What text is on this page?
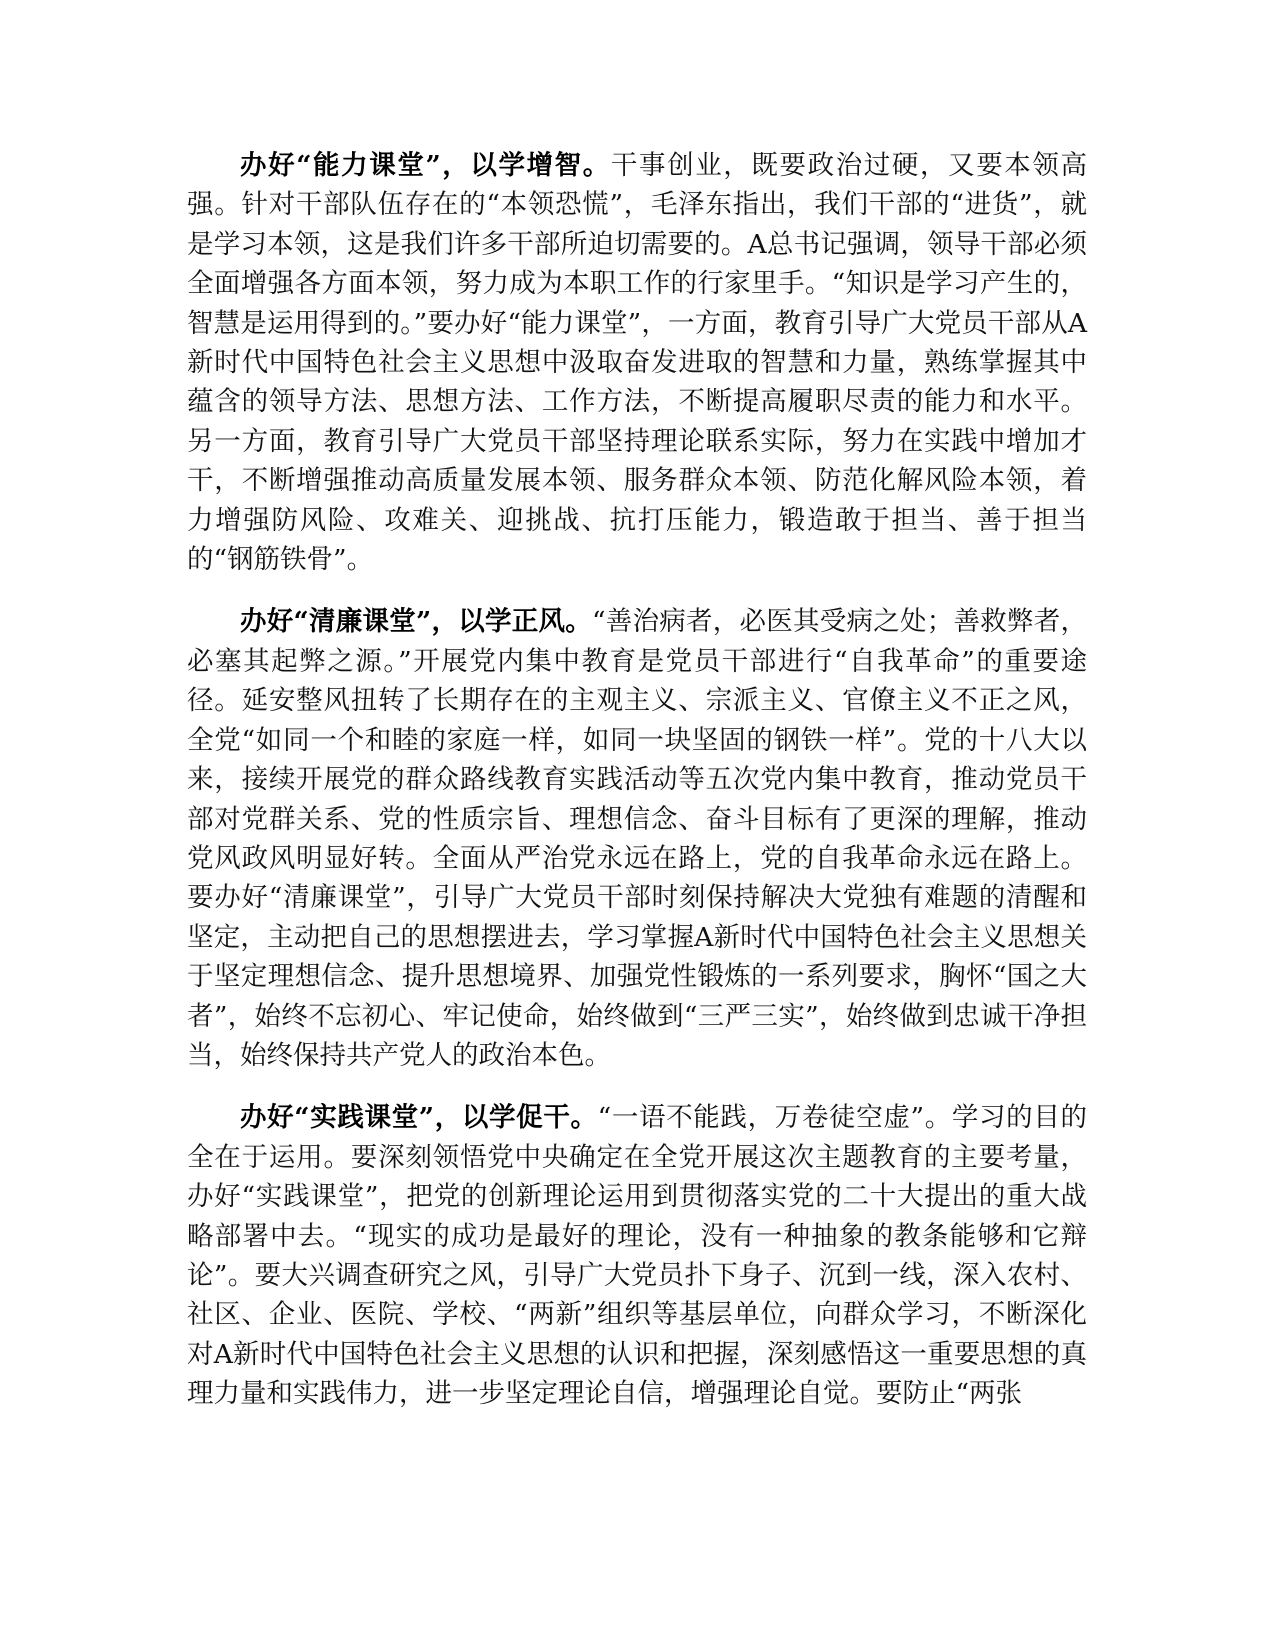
办好“能力课堂”，以学增智。干事创业，既要政治过硬，又要本领高强。针对干部队伍存在的“本领恐慌”，毛泽东指出，我们干部的“进货”，就是学习本领，这是我们许多干部所迫切需要的。A总书记强调，领导干部必须全面增强各方面本领，努力成为本职工作的行家里手。“知识是学习产生的，智慧是运用得到的。”要办好“能力课堂”，一方面，教育引导广大党员干部从A新时代中国特色社会主义思想中汲取奋发进取的智慧和力量，熟练掌握其中蕴含的领导方法、思想方法、工作方法，不断提高履职尽责的能力和水平。另一方面，教育引导广大党员干部坚持理论联系实际，努力在实践中增加才干，不断增强推动高质量发展本领、服务群众本领、防范化解风险本领，着力增强防风险、攻难关、迎挑战、抗打压能力，锻造敢于担当、善于担当的“钢筋铁骨”。

办好“清廉课堂”，以学正风。“善治病者，必医其受病之处；善救弊者，必塞其起弊之源。”开展党内集中教育是党员干部进行“自我革命”的重要途径。延安整风扭转了长期存在的主观主义、宗派主义、官僚主义不正之风，全党“如同一个和睦的家庭一样，如同一块坚固的钢铁一样”。党的十八大以来，接续开展党的群众路线教育实践活动等五次党内集中教育，推动党员干部对党群关系、党的性质宗旨、理想信念、奋斗目标有了更深的理解，推动党风政风明显好转。全面从严治党永远在路上，党的自我革命永远在路上。要办好“清廉课堂”，引导广大党员干部时刻保持解决大党独有难题的清醒和坚定，主动把自己的思想摆进去，学习掌握A新时代中国特色社会主义思想关于坚定理想信念、提升思想境界、加强党性锻炼的一系列要求，胸怀“国之大者”，始终不忘初心、牢记使命，始终做到“三严三实”，始终做到忠诚干净担当，始终保持共产党人的政治本色。

办好“实践课堂”，以学促干。“一语不能践，万卷徒空虚”。学习的目的全在于运用。要深刻领悟党中央确定在全党开展这次主题教育的主要考量，办好“实践课堂”，把党的创新理论运用到贯彻落实党的二十大提出的重大战略部署中去。“现实的成功是最好的理论，没有一种抽象的教条能够和它辩论”。要大兴调查研究之风，引导广大党员扑下身子、沉到一线，深入农村、社区、企业、医院、学校、“两新”组织等基层单位，向群众学习，不断深化对A新时代中国特色社会主义思想的认识和把握，深刻感悟这一重要思想的真理力量和实践伟力，进一步坚定理论自信，增强理论自觉。要防止“两张
